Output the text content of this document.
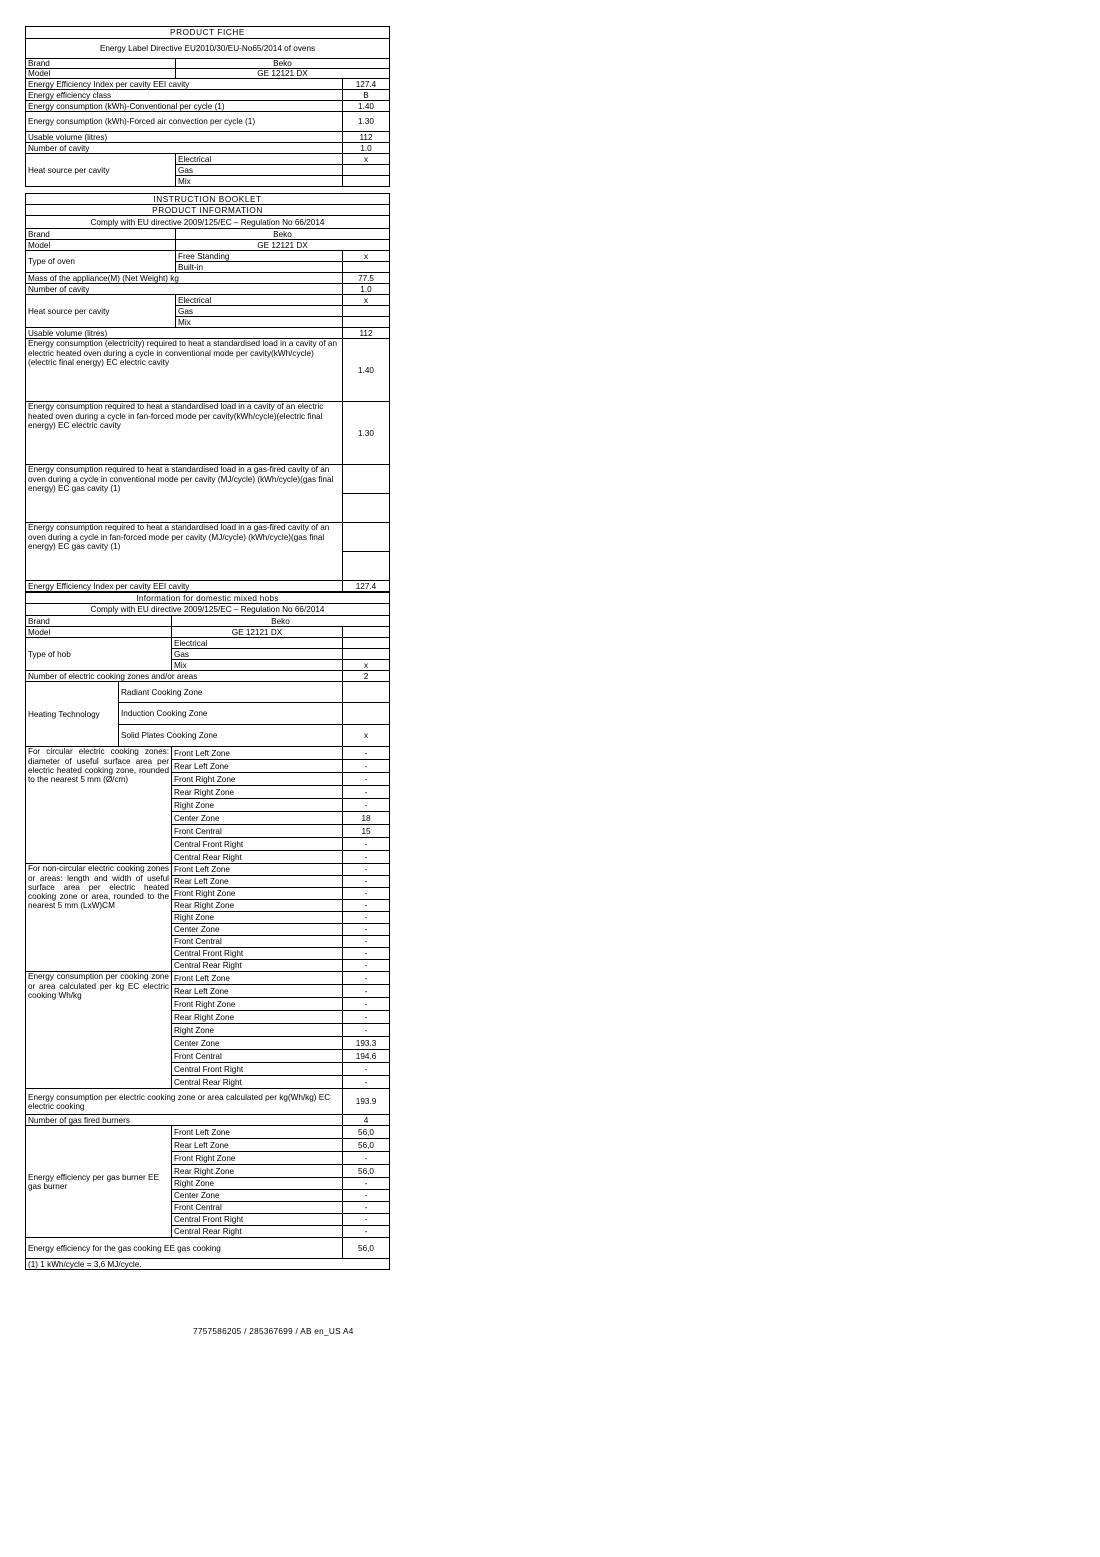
PRODUCT FICHE		
Energy Label Directive EU2010/30/EU-No65/2014 of ovens		
Brand	Beko	
Model	GE 12121 DX	
Energy Efficiency Index per cavity EEI cavity		127.4
Energy efficiency class		B
Energy consumption (kWh)-Conventional per cycle (1)		1.40
Energy consumption (kWh)-Forced air convection per cycle (1)		1.30
Usable volume (litres)		112
Number of cavity		1.0
Heat source per cavity	Electrical	x
	Gas	
	Mix	
INSTRUCTION BOOKLET		
PRODUCT INFORMATION		
Comply with EU directive 2009/125/EC – Regulation No 66/2014		
Brand	Beko	
Model	GE 12121 DX	
Type of oven	Free Standing	x
	Built-in	
Mass of the appliance(M) (Net Weight) kg		77.5
Number of cavity		1.0
Heat source per cavity	Electrical	x
	Gas	
	Mix	
Usable volume (litres)		112
Energy consumption (electricity) required to heat a standardised load in a cavity of an electric heated oven during a cycle in conventional mode per cavity(kWh/cycle)(electric final energy) EC electric cavity		1.40
Energy consumption required to heat a standardised load in a cavity of an electric heated oven during a cycle in fan-forced mode per cavity(kWh/cycle)(electric final energy) EC electric cavity		1.30
Energy consumption required to heat a standardised load in a gas-fired cavity of an oven during a cycle in conventional mode per cavity (MJ/cycle) (kWh/cycle)(gas final energy) EC gas cavity (1)		

Energy consumption required to heat a standardised load in a gas-fired cavity of an oven during a cycle in fan-forced mode per cavity (MJ/cycle) (kWh/cycle)(gas final energy) EC gas cavity (1)		

Energy Efficiency Index per cavity EEI cavity		127.4
Information for domestic mixed hobs			
Comply with EU directive 2009/125/EC – Regulation No 66/2014			
Brand		Beko	
Model		GE 12121 DX	
Type of hob		Electrical	
		Gas	
		Mix	x
Number of electric cooking zones and/or areas			2
Heating Technology	Radiant Cooking Zone		
	Induction Cooking Zone		
	Solid Plates Cooking Zone		x
For circular electric cooking zones: diameter of useful surface area per electric heated cooking zone, rounded to the nearest 5 mm (Ø/cm)		Front Left Zone	-
		Rear Left Zone	-
		Front Right Zone	-
		Rear Right Zone	-
		Right Zone	-
		Center Zone	18
		Front Central	15
		Central Front Right	-
		Central Rear Right	-
For non-circular electric cooking zones or areas: length and width of useful surface area per electric heated cooking zone or area, rounded to the nearest 5 mm (LxW)CM		Front Left Zone	-
		Rear Left Zone	-
		Front Right Zone	-
		Rear Right Zone	-
		Right Zone	-
		Center Zone	-
		Front Central	-
		Central Front Right	-
		Central Rear Right	-
Energy consumption per cooking zone or area calculated per kg EC electric cooking Wh/kg		Front Left Zone	-
		Rear Left Zone	-
		Front Right Zone	-
		Rear Right Zone	-
		Right Zone	-
		Center Zone	193.3
		Front Central	194.6
		Central Front Right	-
		Central Rear Right	-
Energy consumption per electric cooking zone or area calculated per kg(Wh/kg) EC electric cooking			193.9
Number of gas fired burners			4
Energy efficiency per gas burner EE gas burner		Front Left Zone	56,0
		Rear Left Zone	56,0
		Front Right Zone	-
		Rear Right Zone	56,0
		Right Zone	-
		Center Zone	-
		Front Central	-
		Central Front Right	-
		Central Rear Right	-
Energy efficiency for the gas cooking EE gas cooking			56,0
(1) 1 kWh/cycle = 3,6 MJ/cycle.			
7757586205 / 285367699 / AB en_US A4
